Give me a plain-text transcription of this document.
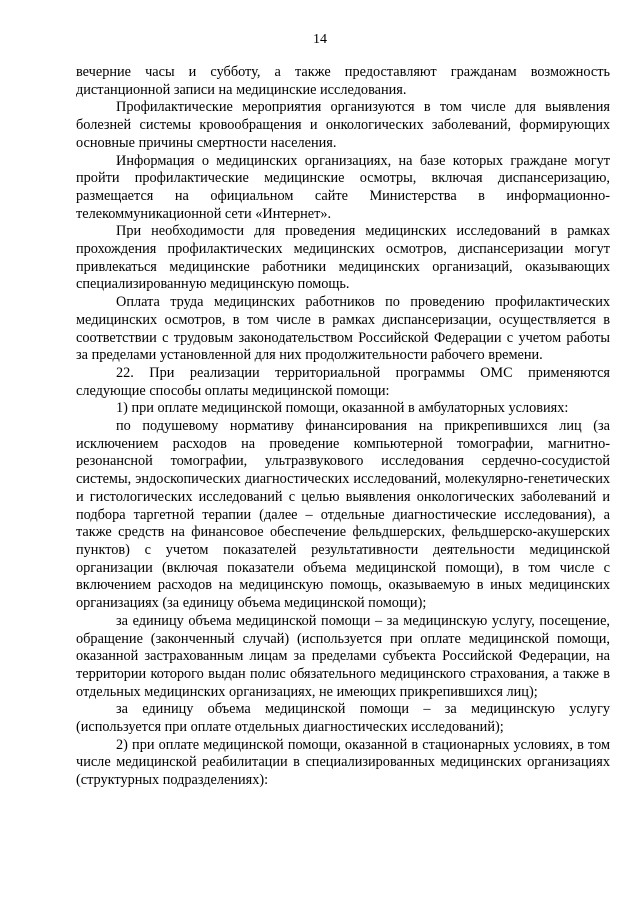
14

вечерние часы и субботу, а также предоставляют гражданам возможность дистанционной записи на медицинские исследования.

Профилактические мероприятия организуются в том числе для выявления болезней системы кровообращения и онкологических заболеваний, формирующих основные причины смертности населения.

Информация о медицинских организациях, на базе которых граждане могут пройти профилактические медицинские осмотры, включая диспансеризацию, размещается на официальном сайте Министерства в информационно-телекоммуникационной сети «Интернет».

При необходимости для проведения медицинских исследований в рамках прохождения профилактических медицинских осмотров, диспансеризации могут привлекаться медицинские работники медицинских организаций, оказывающих специализированную медицинскую помощь.

Оплата труда медицинских работников по проведению профилактических медицинских осмотров, в том числе в рамках диспансеризации, осуществляется в соответствии с трудовым законодательством Российской Федерации с учетом работы за пределами установленной для них продолжительности рабочего времени.

22. При реализации территориальной программы ОМС применяются следующие способы оплаты медицинской помощи:

1) при оплате медицинской помощи, оказанной в амбулаторных условиях:

по подушевому нормативу финансирования на прикрепившихся лиц (за исключением расходов на проведение компьютерной томографии, магнитно-резонансной томографии, ультразвукового исследования сердечно-сосудистой системы, эндоскопических диагностических исследований, молекулярно-генетических и гистологических исследований с целью выявления онкологических заболеваний и подбора таргетной терапии (далее – отдельные диагностические исследования), а также средств на финансовое обеспечение фельдшерских, фельдшерско-акушерских пунктов) с учетом показателей результативности деятельности медицинской организации (включая показатели объема медицинской помощи), в том числе с включением расходов на медицинскую помощь, оказываемую в иных медицинских организациях (за единицу объема медицинской помощи);

за единицу объема медицинской помощи – за медицинскую услугу, посещение, обращение (законченный случай) (используется при оплате медицинской помощи, оказанной застрахованным лицам за пределами субъекта Российской Федерации, на территории которого выдан полис обязательного медицинского страхования, а также в отдельных медицинских организациях, не имеющих прикрепившихся лиц);

за единицу объема медицинской помощи – за медицинскую услугу (используется при оплате отдельных диагностических исследований);

2) при оплате медицинской помощи, оказанной в стационарных условиях, в том числе медицинской реабилитации в специализированных медицинских организациях (структурных подразделениях):
